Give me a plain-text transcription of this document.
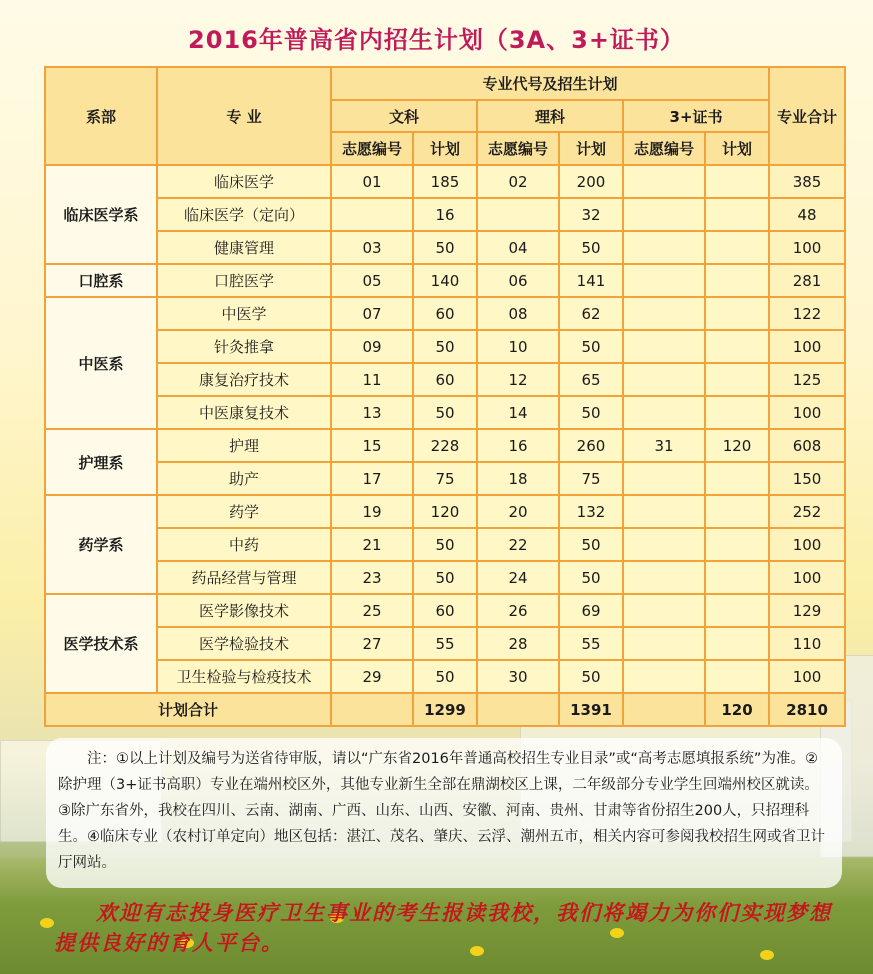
2016年普高省内招生计划（3A、3+证书）
系部	专 业	专业代号及招生计划						专业合计
		文科		理科		3+证书		
		志愿编号	计划	志愿编号	计划	志愿编号	计划	
临床医学系	临床医学	01	185	02	200			385
	临床医学（定向）		16		32			48
	健康管理	03	50	04	50			100
口腔系	口腔医学	05	140	06	141			281
中医系	中医学	07	60	08	62			122
	针灸推拿	09	50	10	50			100
	康复治疗技术	11	60	12	65			125
	中医康复技术	13	50	14	50			100
护理系	护理	15	228	16	260	31	120	608
	助产	17	75	18	75			150
药学系	药学	19	120	20	132			252
	中药	21	50	22	50			100
	药品经营与管理	23	50	24	50			100
医学技术系	医学影像技术	25	60	26	69			129
	医学检验技术	27	55	28	55			110
	卫生检验与检疫技术	29	50	30	50			100
计划合计			1299		1391		120	2810
注：①以上计划及编号为送省待审版，请以“广东省2016年普通高校招生专业目录”或“高考志愿填报系统”为准。②除护理（3+证书高职）专业在端州校区外，其他专业新生全部在鼎湖校区上课，二年级部分专业学生回端州校区就读。③除广东省外，我校在四川、云南、湖南、广西、山东、山西、安徽、河南、贵州、甘肃等省份招生200人，只招理科生。④临床专业（农村订单定向）地区包括：湛江、茂名、肇庆、云浮、潮州五市，相关内容可参阅我校招生网或省卫计厅网站。
欢迎有志投身医疗卫生事业的考生报读我校，我们将竭力为你们实现梦想提供良好的育人平台。
